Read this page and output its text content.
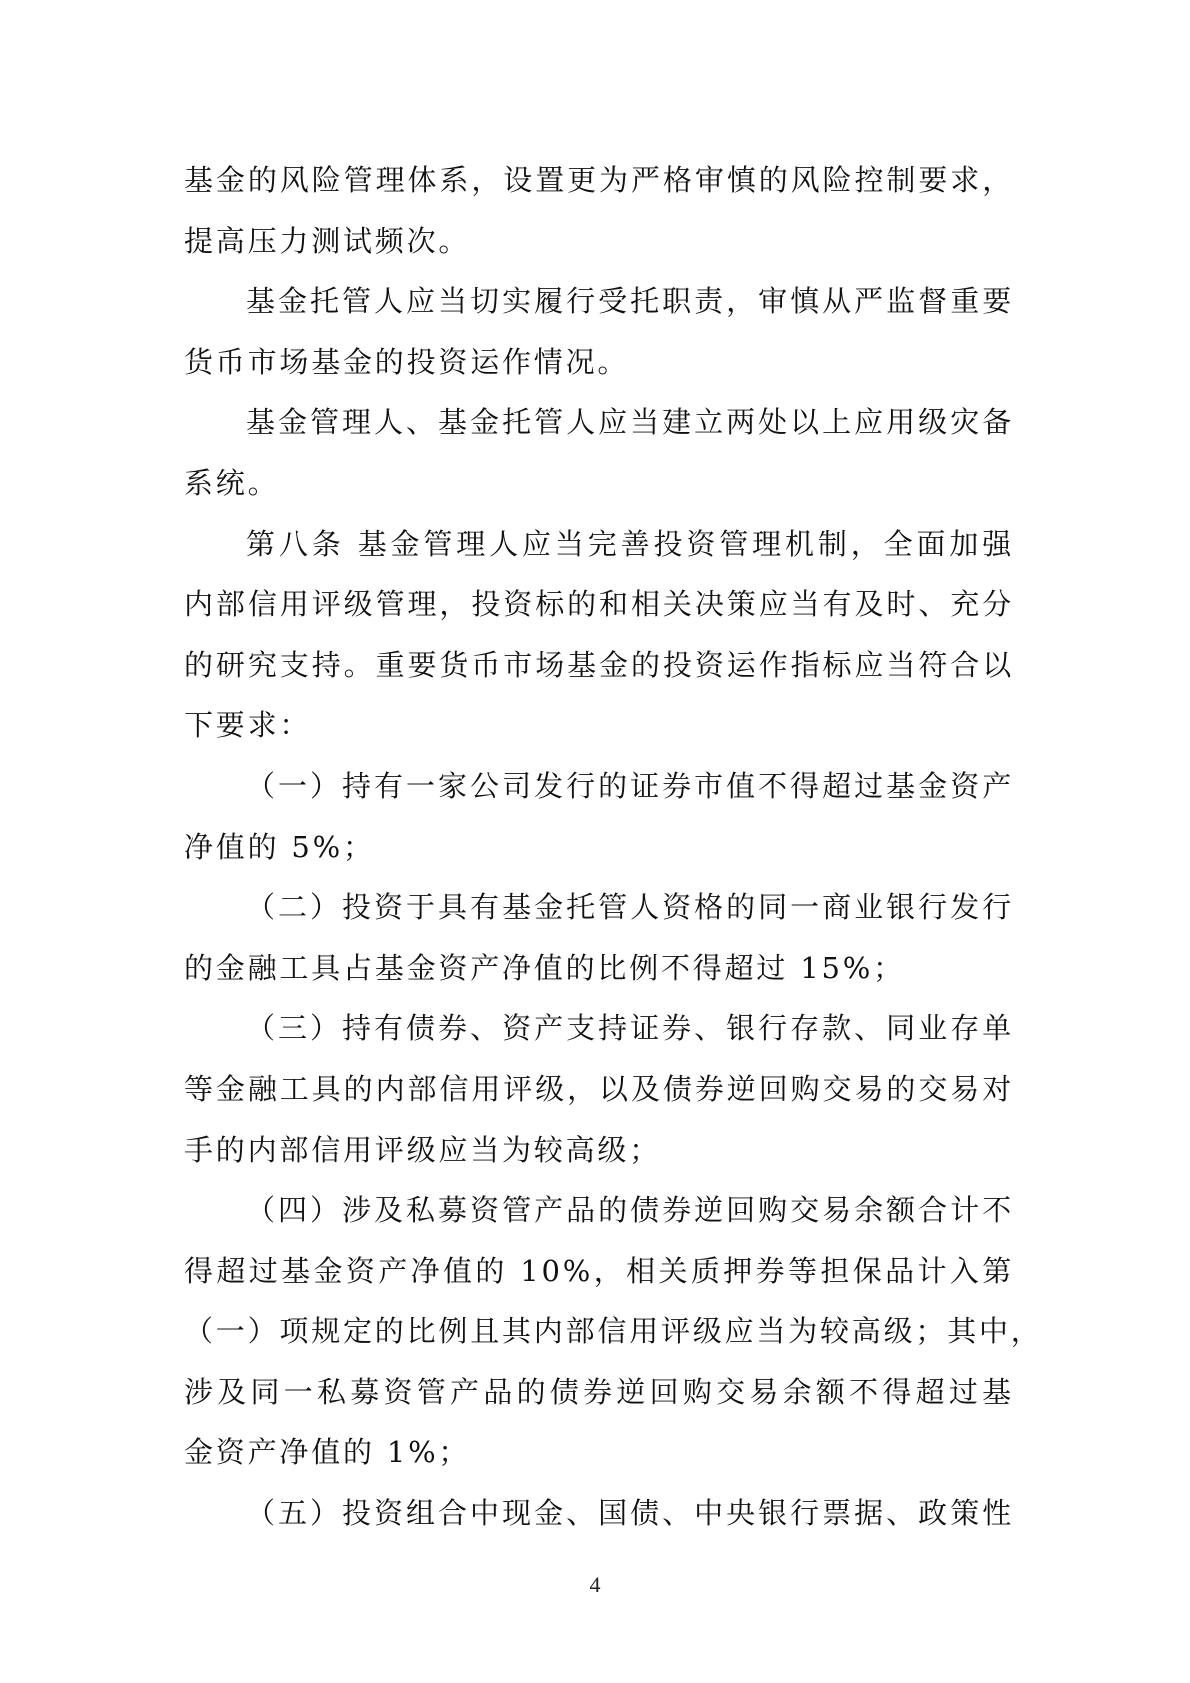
基金的风险管理体系，设置更为严格审慎的风险控制要求，
提高压力测试频次。
基金托管人应当切实履行受托职责，审慎从严监督重要
货币市场基金的投资运作情况。
基金管理人、基金托管人应当建立两处以上应用级灾备
系统。
第八条 基金管理人应当完善投资管理机制，全面加强
内部信用评级管理，投资标的和相关决策应当有及时、充分
的研究支持。重要货币市场基金的投资运作指标应当符合以
下要求：
（一）持有一家公司发行的证券市值不得超过基金资产
净值的 5%；
（二）投资于具有基金托管人资格的同一商业银行发行
的金融工具占基金资产净值的比例不得超过 15%；
（三）持有债券、资产支持证券、银行存款、同业存单
等金融工具的内部信用评级，以及债券逆回购交易的交易对
手的内部信用评级应当为较高级；
（四）涉及私募资管产品的债券逆回购交易余额合计不
得超过基金资产净值的 10%，相关质押券等担保品计入第
（一）项规定的比例且其内部信用评级应当为较高级；其中，
涉及同一私募资管产品的债券逆回购交易余额不得超过基
金资产净值的 1%；
（五）投资组合中现金、国债、中央银行票据、政策性
4
